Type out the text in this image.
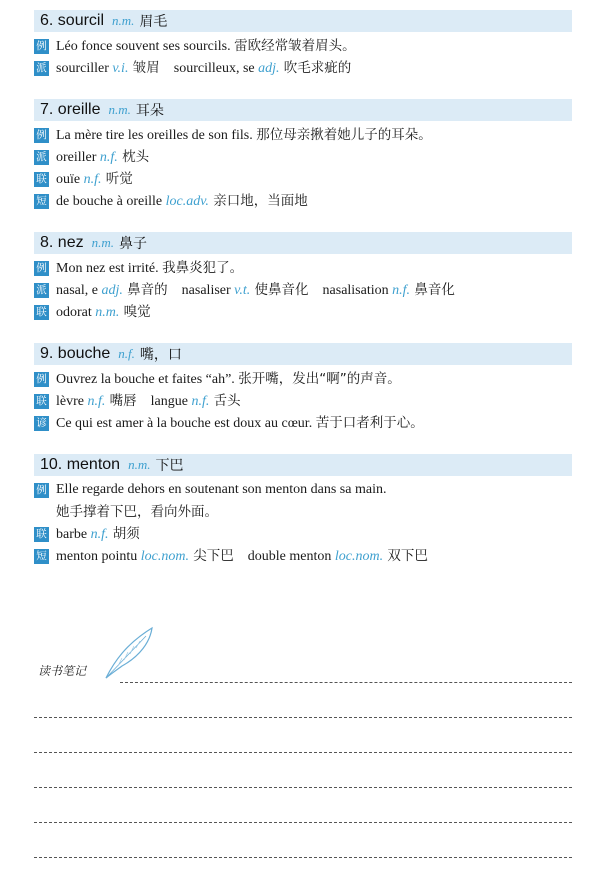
6. sourcil n.m. 眉毛
例 Léo fonce souvent ses sourcils. 雷欧经常皱着眉头。
派 sourciller v.i. 皱眉 sourcilleux, se adj. 吹毛求疵的
7. oreille n.m. 耳朵
例 La mère tire les oreilles de son fils. 那位母亲揪着她儿子的耳朵。
派 oreiller n.f. 枕头
联 ouïe n.f. 听觉
短 de bouche à oreille loc.adv. 亲口地，当面地
8. nez n.m. 鼻子
例 Mon nez est irrité. 我鼻炎犯了。
派 nasal, e adj. 鼻音的 nasaliser v.t. 使鼻音化 nasalisation n.f. 鼻音化
联 odorat n.m. 嗅觉
9. bouche n.f. 嘴，口
例 Ouvrez la bouche et faites “ah”. 张开嘴，发出“啊”的声音。
联 lèvre n.f. 嘴唇 langue n.f. 舌头
谚 Ce qui est amer à la bouche est doux au cœur. 苦于口者利于心。
10. menton n.m. 下巴
例 Elle regarde dehors en soutenant son menton dans sa main.
她手撑着下巴，看向外面。
联 barbe n.f. 胡须
短 menton pointu loc.nom. 尖下巴 double menton loc.nom. 双下巴
读书笔记
